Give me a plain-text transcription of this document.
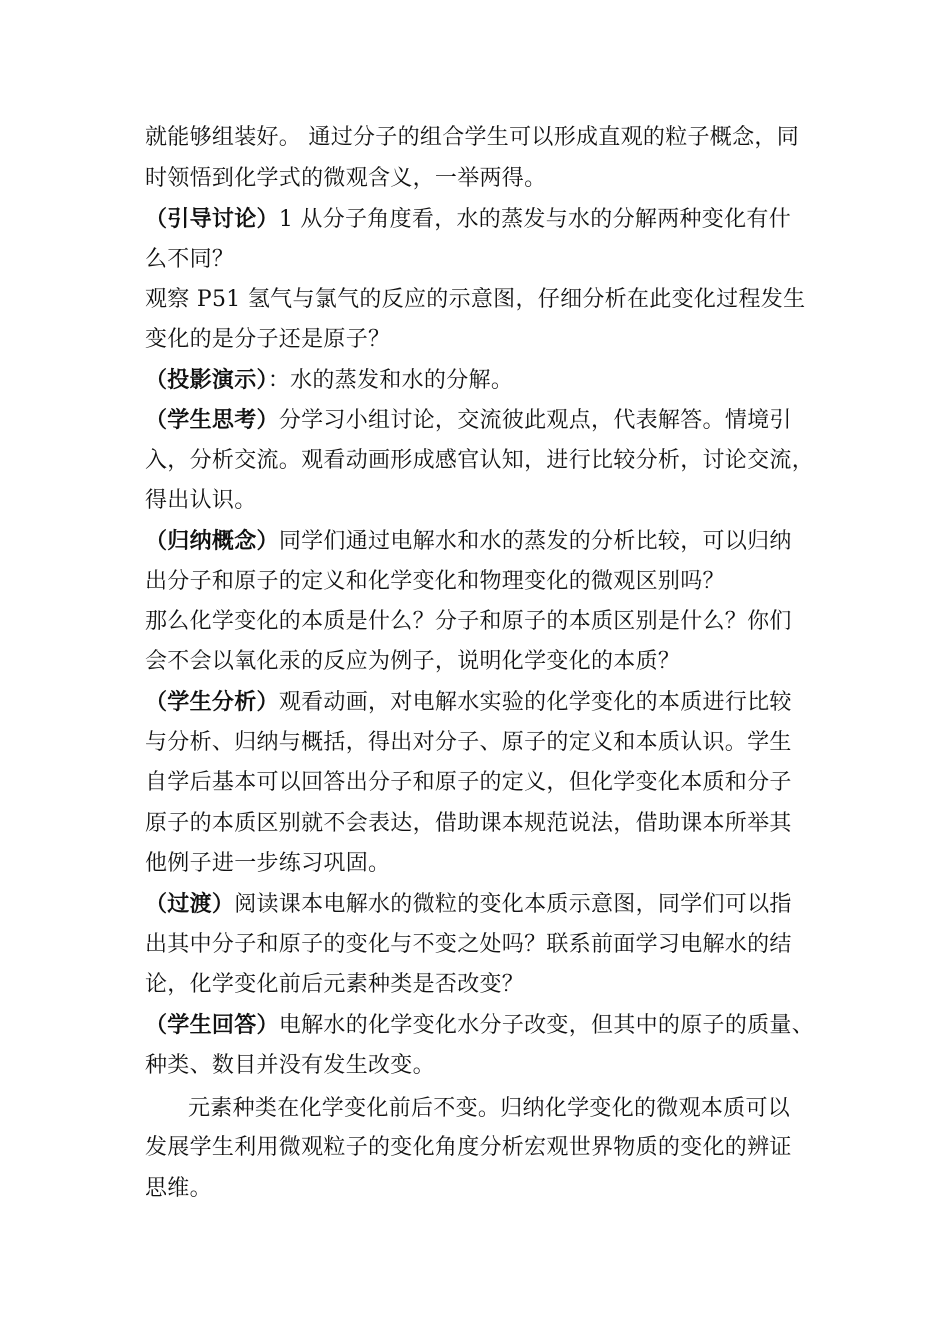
就能够组装好。 通过分子的组合学生可以形成直观的粒子概念，同
时领悟到化学式的微观含义，一举两得。
（引导讨论）1 从分子角度看，水的蒸发与水的分解两种变化有什
么不同？
观察 P51 氢气与氯气的反应的示意图，仔细分析在此变化过程发生
变化的是分子还是原子？
（投影演示）：水的蒸发和水的分解。
（学生思考）分学习小组讨论，交流彼此观点，代表解答。情境引
入，分析交流。观看动画形成感官认知，进行比较分析，讨论交流，
得出认识。
（归纳概念）同学们通过电解水和水的蒸发的分析比较，可以归纳
出分子和原子的定义和化学变化和物理变化的微观区别吗？
那么化学变化的本质是什么？分子和原子的本质区别是什么？你们
会不会以氧化汞的反应为例子，说明化学变化的本质？
（学生分析）观看动画，对电解水实验的化学变化的本质进行比较
与分析、归纳与概括，得出对分子、原子的定义和本质认识。学生
自学后基本可以回答出分子和原子的定义，但化学变化本质和分子
原子的本质区别就不会表达，借助课本规范说法，借助课本所举其
他例子进一步练习巩固。
（过渡）阅读课本电解水的微粒的变化本质示意图，同学们可以指
出其中分子和原子的变化与不变之处吗？联系前面学习电解水的结
论，化学变化前后元素种类是否改变？
（学生回答）电解水的化学变化水分子改变，但其中的原子的质量、
种类、数目并没有发生改变。
元素种类在化学变化前后不变。归纳化学变化的微观本质可以
发展学生利用微观粒子的变化角度分析宏观世界物质的变化的辨证
思维。
